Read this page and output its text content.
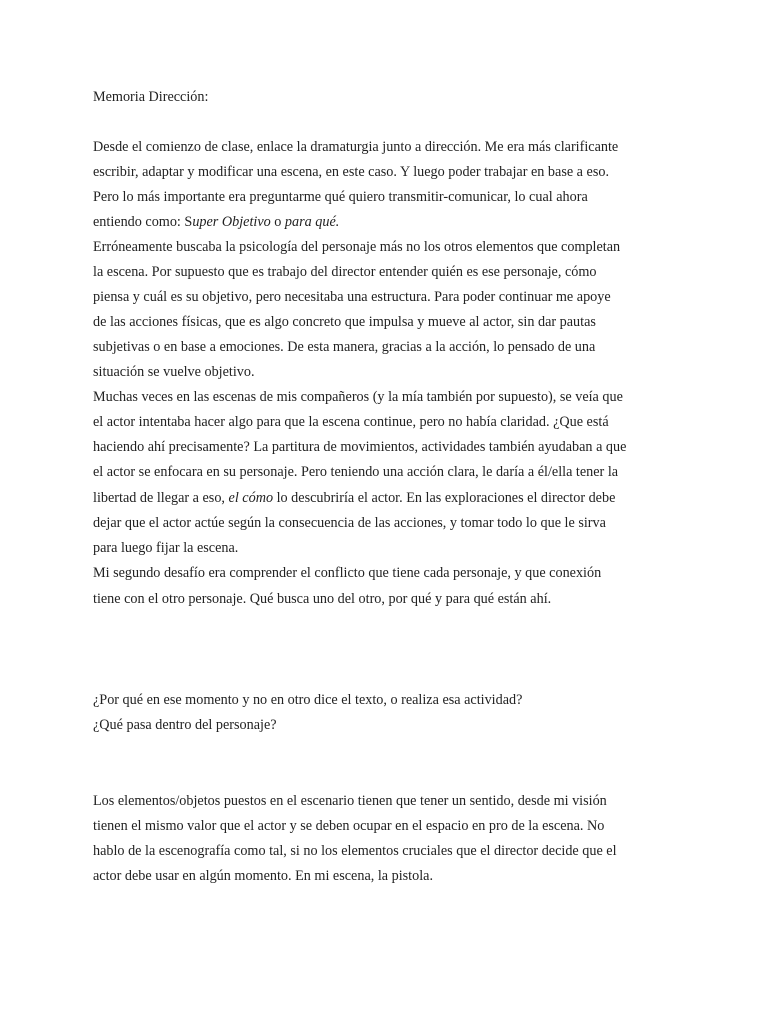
Memoria Dirección:
Desde el comienzo de clase, enlace la dramaturgia junto a dirección. Me era más clarificante
escribir, adaptar y modificar una escena, en este caso. Y luego poder trabajar en base a eso.
Pero lo más importante era preguntarme qué quiero transmitir-comunicar, lo cual ahora
entiendo como: Super Objetivo o para qué.
Erróneamente buscaba la psicología del personaje más no los otros elementos que completan
la escena. Por supuesto que es trabajo del director entender quién es ese personaje, cómo
piensa y cuál es su objetivo, pero necesitaba una estructura. Para poder continuar me apoye
de las acciones físicas, que es algo concreto que impulsa y mueve al actor, sin dar pautas
subjetivas o en base a emociones. De esta manera, gracias a la acción, lo pensado de una
situación se vuelve objetivo.
Muchas veces en las escenas de mis compañeros (y la mía también por supuesto), se veía que
el actor intentaba hacer algo para que la escena continue, pero no había claridad. ¿Que está
haciendo ahí precisamente? La partitura de movimientos, actividades también ayudaban a que
el actor se enfocara en su personaje. Pero teniendo una acción clara, le daría a él/ella tener la
libertad de llegar a eso, el cómo lo descubriría el actor. En las exploraciones el director debe
dejar que el actor actúe según la consecuencia de las acciones, y tomar todo lo que le sirva
para luego fijar la escena.
Mi segundo desafío era comprender el conflicto que tiene cada personaje, y que conexión
tiene con el otro personaje. Qué busca uno del otro, por qué y para qué están ahí.
¿Por qué en ese momento y no en otro dice el texto, o realiza esa actividad?
¿Qué pasa dentro del personaje?
Los elementos/objetos puestos en el escenario tienen que tener un sentido, desde mi visión
tienen el mismo valor que el actor y se deben ocupar en el espacio en pro de la escena. No
hablo de la escenografía como tal, si no los elementos cruciales que el director decide que el
actor debe usar en algún momento. En mi escena, la pistola.
